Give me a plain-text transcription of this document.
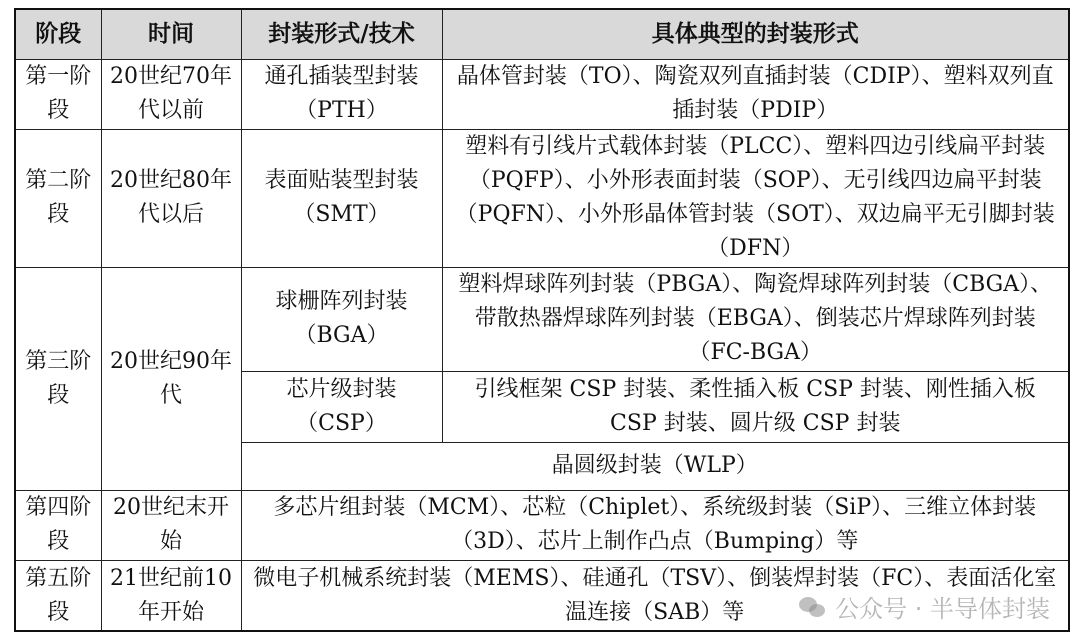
阶段	时间	封装形式/技术	具体典型的封装形式
第一阶段	20世纪70年代以前	通孔插装型封装（PTH）	晶体管封装（TO）、陶瓷双列直插封装（CDIP）、塑料双列直插封装（PDIP）
第二阶段	20世纪80年代以后	表面贴装型封装（SMT）	塑料有引线片式载体封装（PLCC）、塑料四边引线扁平封装（PQFP）、小外形表面封装（SOP）、无引线四边扁平封装（PQFN）、小外形晶体管封装（SOT）、双边扁平无引脚封装（DFN）
第三阶段	20世纪90年代	球栅阵列封装（BGA）	塑料焊球阵列封装（PBGA）、陶瓷焊球阵列封装（CBGA）、带散热器焊球阵列封装（EBGA）、倒装芯片焊球阵列封装（FC-BGA）
		芯片级封装（CSP）	引线框架 CSP 封装、柔性插入板 CSP 封装、刚性插入板 CSP 封装、圆片级 CSP 封装
		晶圆级封装（WLP）	
第四阶段	20世纪末开始	多芯片组封装（MCM）、芯粒（Chiplet）、系统级封装（SiP）、三维立体封装（3D）、芯片上制作凸点（Bumping）等	
第五阶段	21世纪前10年开始	微电子机械系统封装（MEMS）、硅通孔（TSV）、倒装焊封装（FC）、表面活化室温连接（SAB）等		公众号 · 半导体封装
